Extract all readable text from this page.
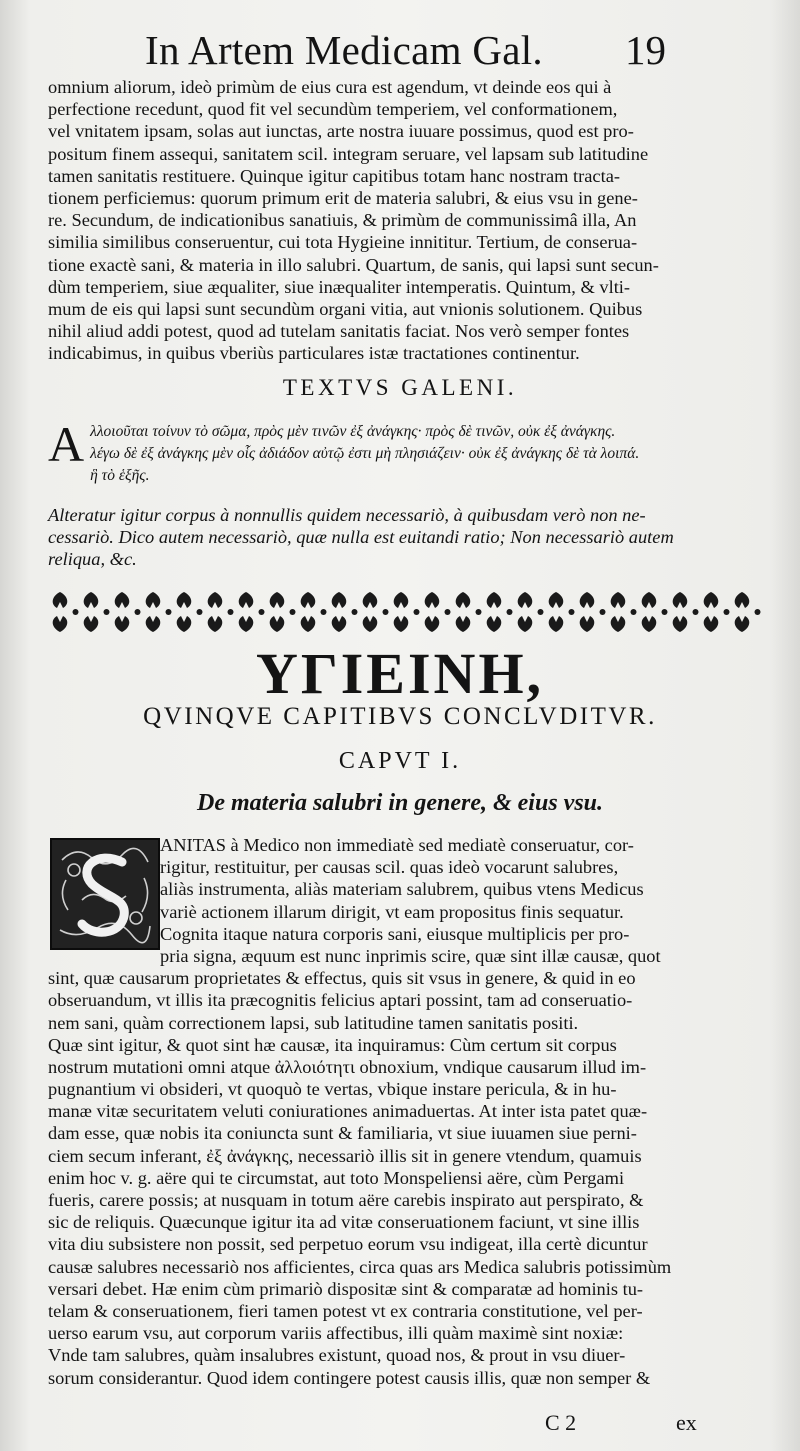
In Artem Medicam Gal. 19
omnium aliorum, ideò primùm de eius cura est agendum, vt deinde eos qui à
perfectione recedunt, quod fit vel secundùm temperiem, vel conformationem,
vel vnitatem ipsam, solas aut iunctas, arte nostra iuuare possimus, quod est pro-
positum finem assequi, sanitatem scil. integram seruare, vel lapsam sub latitudine
tamen sanitatis restituere. Quinque igitur capitibus totam hanc nostram tracta-
tionem perficiemus: quorum primum erit de materia salubri, & eius vsu in gene-
re. Secundum, de indicationibus sanatiuis, & primùm de communissimâ illa, An
similia similibus conseruentur, cui tota Hygieine innititur. Tertium, de conserua-
tione exactè sani, & materia in illo salubri. Quartum, de sanis, qui lapsi sunt secun-
dùm temperiem, siue æqualiter, siue inæqualiter intemperatis. Quintum, & vlti-
mum de eis qui lapsi sunt secundùm organi vitia, aut vnionis solutionem. Quibus
nihil aliud addi potest, quod ad tutelam sanitatis faciat. Nos verò semper fontes
indicabimus, in quibus vberiùs particulares istæ tractationes continentur.
TEXTVS GALENI.
A λλοιοῦται τοίνυν τὸ σῶμα, πρὸς μὲν τινῶν ἐξ ἀνάγκης· πρὸς δὲ τινῶν, οὐκ ἐξ ἀνάγκης.
λέγω δὲ ἐξ ἀνάγκης μὲν οἷς ἀδιάδον αὐτῷ ἐστι μὴ πλησιάζειν· οὐκ ἐξ ἀνάγκης δὲ τὰ λοιπά.
ἣ τὸ ἑξῆς.
Alteratur igitur corpus à nonnullis quidem necessariò, à quibusdam verò non ne-
cessariò. Dico autem necessariò, quæ nulla est euitandi ratio; Non necessariò autem
reliqua, &c.
ΥΓΙΕΙΝΗ,
QVINQVE CAPITIBVS CONCLVDITVR.
CAPVT I.
De materia salubri in genere, & eius vsu.
ANITAS à Medico non immediatè sed mediatè conseruatur, cor-
rigitur, restituitur, per causas scil. quas ideò vocarunt salubres,
aliàs instrumenta, aliàs materiam salubrem, quibus vtens Medicus
variè actionem illarum dirigit, vt eam propositus finis sequatur.
Cognita itaque natura corporis sani, eiusque multiplicis per pro-
pria signa, æquum est nunc inprimis scire, quæ sint illæ causæ, quot
sint, quæ causarum proprietates & effectus, quis sit vsus in genere, & quid in eo
obseruandum, vt illis ita præcognitis felicius aptari possint, tam ad conseruatio-
nem sani, quàm correctionem lapsi, sub latitudine tamen sanitatis positi.
Quæ sint igitur, & quot sint hæ causæ, ita inquiramus: Cùm certum sit corpus
nostrum mutationi omni atque ἀλλοιότητι obnoxium, vndique causarum illud im-
pugnantium vi obsideri, vt quoquò te vertas, vbique instare pericula, & in hu-
manæ vitæ securitatem veluti coniurationes animaduertas. At inter ista patet quæ-
dam esse, quæ nobis ita coniuncta sunt & familiaria, vt siue iuuamen siue perni-
ciem secum inferant, ἐξ ἀνάγκης, necessariò illis sit in genere vtendum, quamuis
enim hoc v. g. aëre qui te circumstat, aut toto Monspeliensi aëre, cùm Pergami
fueris, carere possis; at nusquam in totum aëre carebis inspirato aut perspirato, &
sic de reliquis. Quæcunque igitur ita ad vitæ conseruationem faciunt, vt sine illis
vita diu subsistere non possit, sed perpetuo eorum vsu indigeat, illa certè dicuntur
causæ salubres necessariò nos afficientes, circa quas ars Medica salubris potissimùm
versari debet. Hæ enim cùm primariò dispositæ sint & comparatæ ad hominis tu-
telam & conseruationem, fieri tamen potest vt ex contraria constitutione, vel per-
uerso earum vsu, aut corporum variis affectibus, illi quàm maximè sint noxiæ:
Vnde tam salubres, quàm insalubres existunt, quoad nos, & prout in vsu diuer-
sorum considerantur. Quod idem contingere potest causis illis, quæ non semper &
C 2	ex
